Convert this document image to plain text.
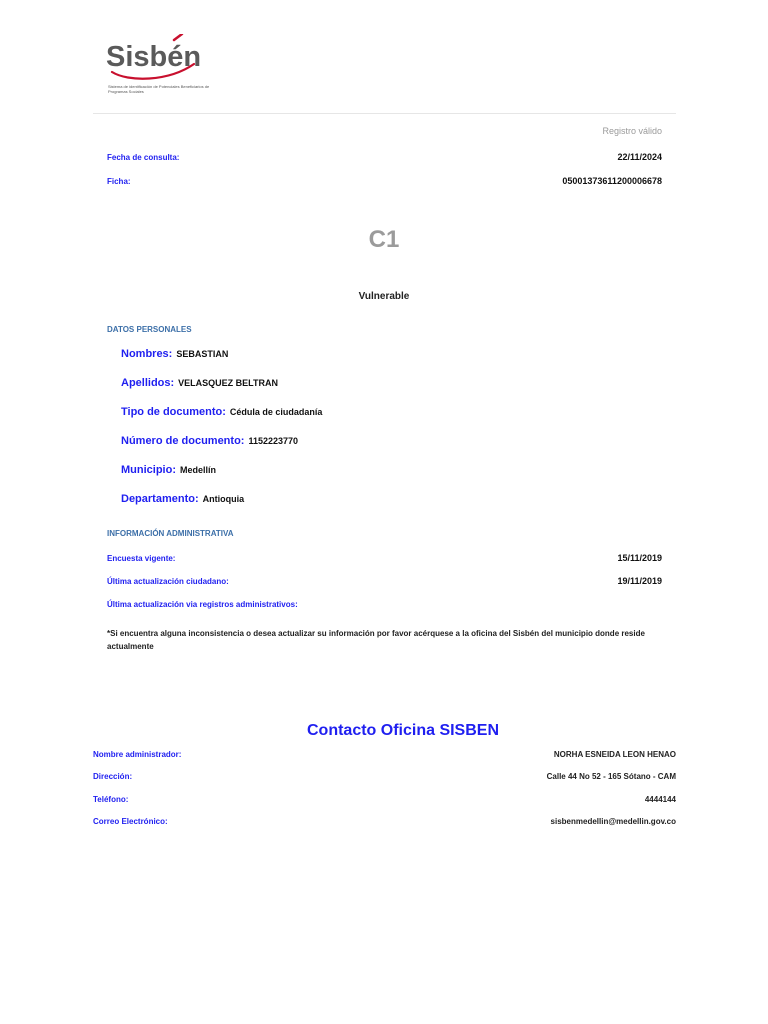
Sisbén
Sistema de identificación de Potenciales Beneficiarios de Programas Sociales
Registro válido
Fecha de consulta:	22/11/2024
Ficha:	05001373611200006678
C1
Vulnerable
DATOS PERSONALES
Nombres: SEBASTIAN
Apellidos: VELASQUEZ BELTRAN
Tipo de documento: Cédula de ciudadanía
Número de documento: 1152223770
Municipio: Medellín
Departamento: Antioquia
INFORMACIÓN ADMINISTRATIVA
Encuesta vigente:	15/11/2019
Última actualización ciudadano:	19/11/2019
Última actualización via registros administrativos:
*Si encuentra alguna inconsistencia o desea actualizar su información por favor acérquese a la oficina del Sisbén del municipio donde reside actualmente
Contacto Oficina SISBEN
Nombre administrador:	NORHA ESNEIDA LEON HENAO
Dirección:	Calle 44 No 52 - 165 Sótano - CAM
Teléfono:	4444144
Correo Electrónico:	sisbenmedellin@medellin.gov.co
